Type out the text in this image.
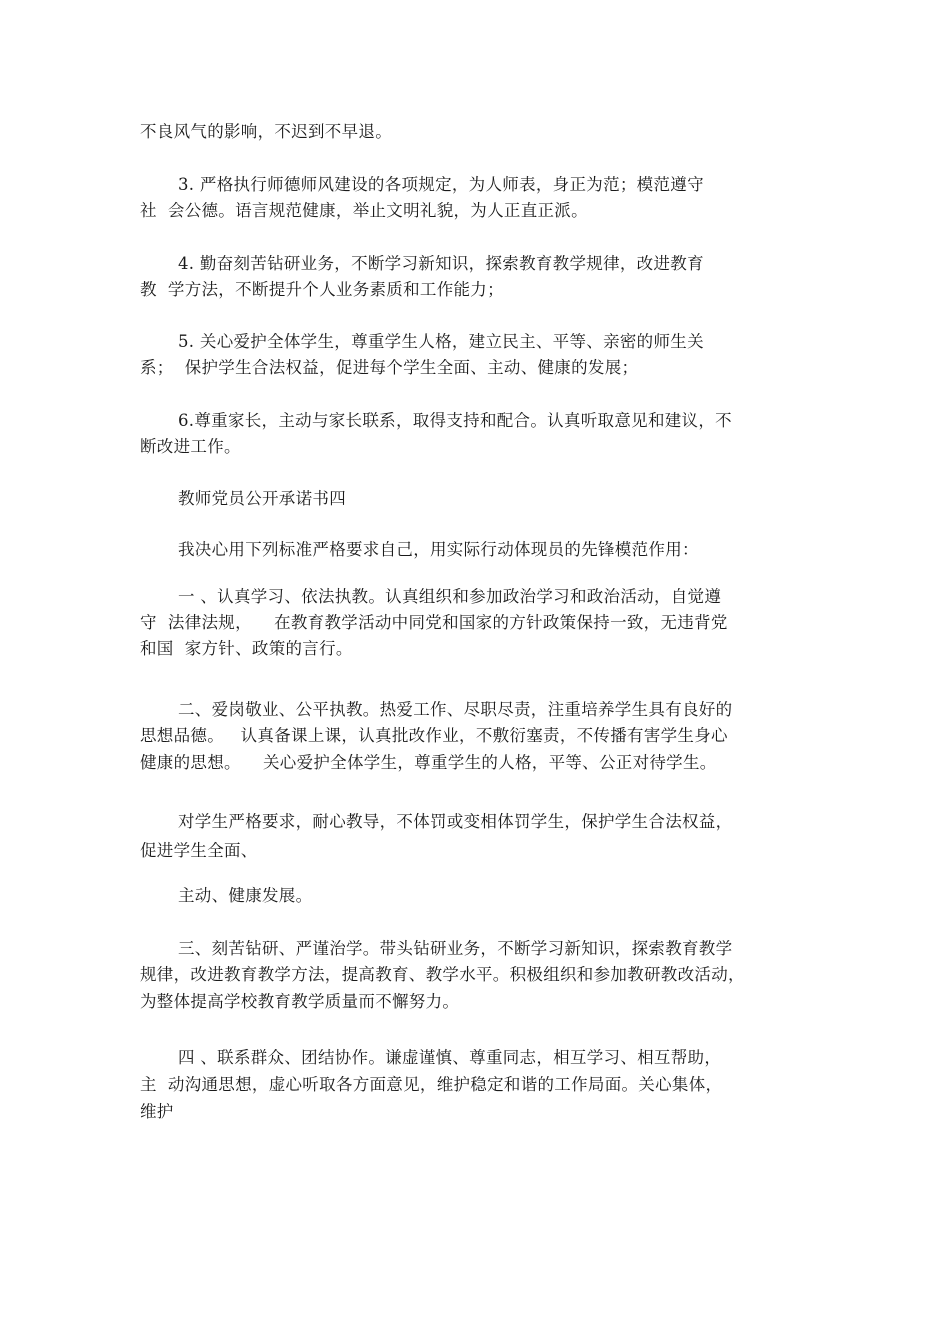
不良风气的影响，不迟到不早退。
3. 严格执行师德师风建设的各项规定，为人师表，身正为范；模范遵守
社  会公德。语言规范健康，举止文明礼貌，为人正直正派。
4. 勤奋刻苦钻研业务，不断学习新知识，探索教育教学规律，改进教育
教  学方法，不断提升个人业务素质和工作能力；
5. 关心爱护全体学生，尊重学生人格，建立民主、平等、亲密的师生关
系；  保护学生合法权益，促进每个学生全面、主动、健康的发展；
6.尊重家长，主动与家长联系，取得支持和配合。认真听取意见和建议，不
断改进工作。
教师党员公开承诺书四
我决心用下列标准严格要求自己，用实际行动体现员的先锋模范作用：
一 、认真学习、依法执教。认真组织和参加政治学习和政治活动，自觉遵
守  法律法规，    在教育教学活动中同党和国家的方针政策保持一致，无违背党
和国  家方针、政策的言行。
二、爱岗敬业、公平执教。热爱工作、尽职尽责，注重培养学生具有良好的
思想品德。   认真备课上课，认真批改作业，不敷衍塞责，不传播有害学生身心
健康的思想。    关心爱护全体学生，尊重学生的人格，平等、公正对待学生。
对学生严格要求，耐心教导，不体罚或变相体罚学生，保护学生合法权益，
促进学生全面、
主动、健康发展。
三、刻苦钻研、严谨治学。带头钻研业务，不断学习新知识，探索教育教学
规律，改进教育教学方法，提高教育、教学水平。积极组织和参加教研教改活动，
为整体提高学校教育教学质量而不懈努力。
四 、联系群众、团结协作。谦虚谨慎、尊重同志，相互学习、相互帮助，
主  动沟通思想，虚心听取各方面意见，维护稳定和谐的工作局面。关心集体，
维护
